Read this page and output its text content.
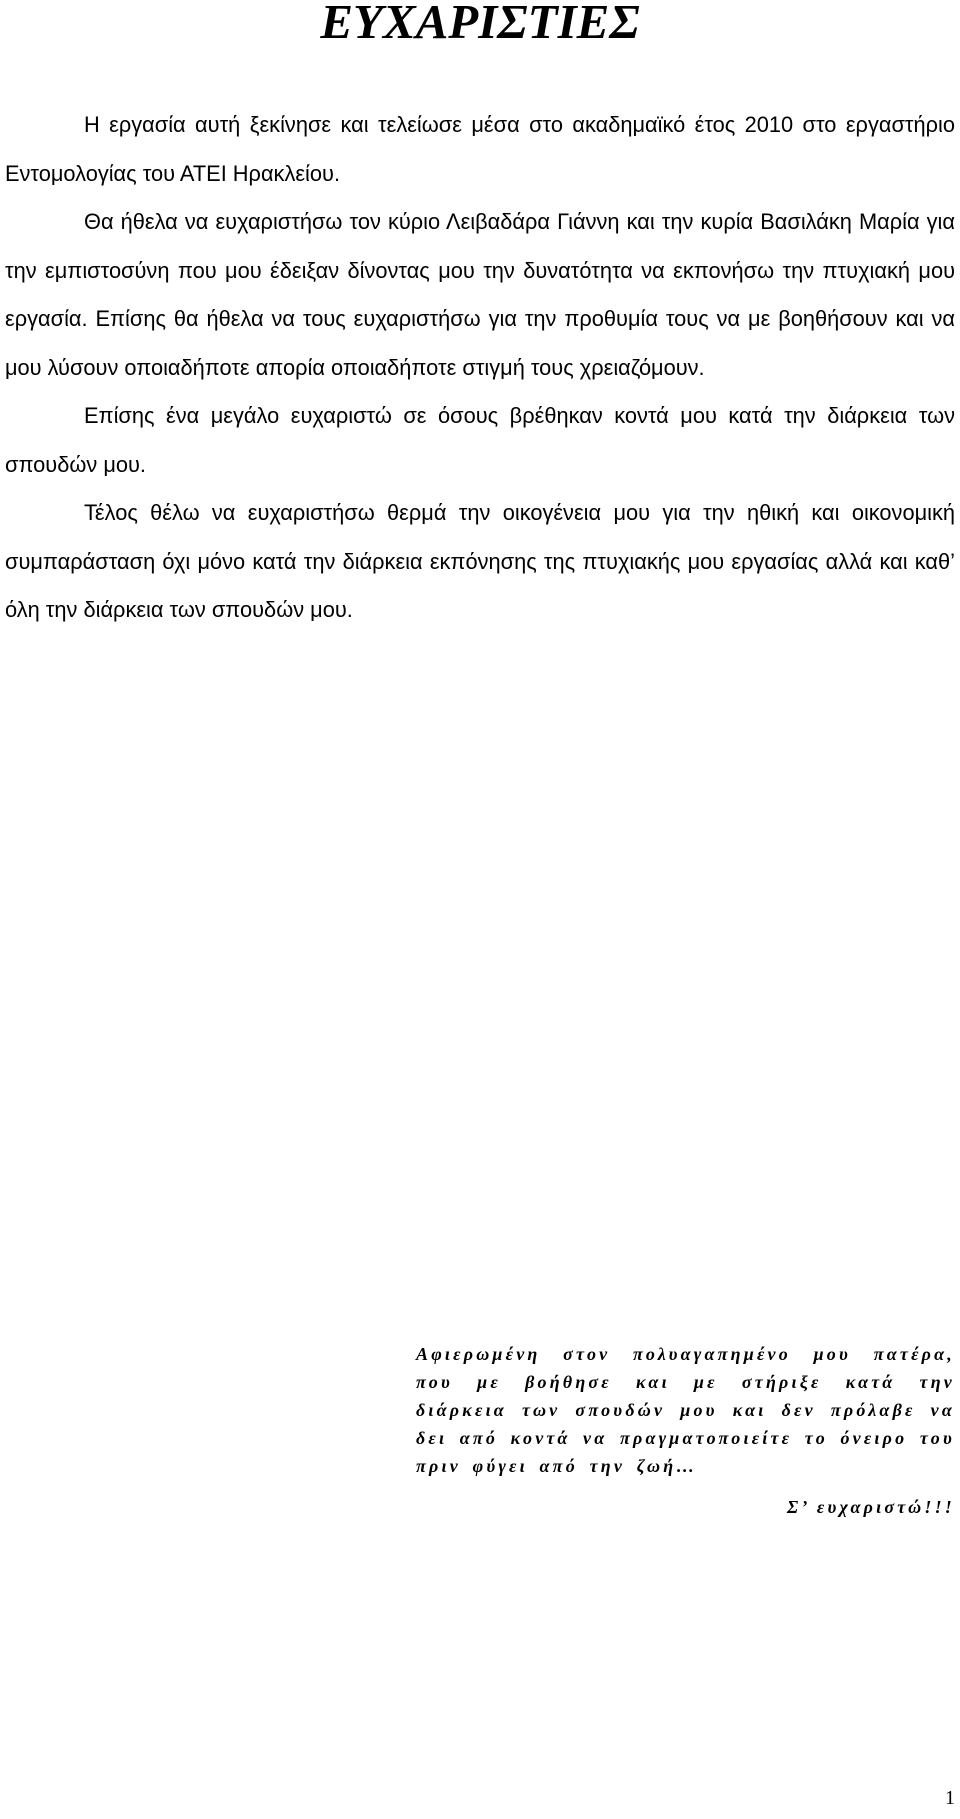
ΕΥΧΑΡΙΣΤΙΕΣ

Η εργασία αυτή ξεκίνησε και τελείωσε μέσα στο ακαδημαϊκό έτος 2010 στο εργαστήριο Εντομολογίας του ΑΤΕΙ Ηρακλείου.

Θα ήθελα να ευχαριστήσω τον κύριο Λειβαδάρα Γιάννη και την κυρία Βασιλάκη Μαρία για την εμπιστοσύνη που μου έδειξαν δίνοντας μου την δυνατότητα να εκπονήσω την πτυχιακή μου εργασία. Επίσης θα ήθελα να τους ευχαριστήσω για την προθυμία τους να με βοηθήσουν και να μου λύσουν οποιαδήποτε απορία οποιαδήποτε στιγμή τους χρειαζόμουν.

Επίσης ένα μεγάλο ευχαριστώ σε όσους βρέθηκαν κοντά μου κατά την διάρκεια των σπουδών μου.

Τέλος θέλω να ευχαριστήσω θερμά την οικογένεια μου για την ηθική και οικονομική συμπαράσταση όχι μόνο κατά την διάρκεια εκπόνησης της πτυχιακής μου εργασίας αλλά και καθ’ όλη την διάρκεια των σπουδών μου.

Αφιερωμένη στον πολυαγαπημένο μου πατέρα, που με βοήθησε και με στήριξε κατά την διάρκεια των σπουδών μου και δεν πρόλαβε να δει από κοντά να πραγματοποιείτε το όνειρο του πριν φύγει από την ζωή…

Σ’ ευχαριστώ!!!

1
